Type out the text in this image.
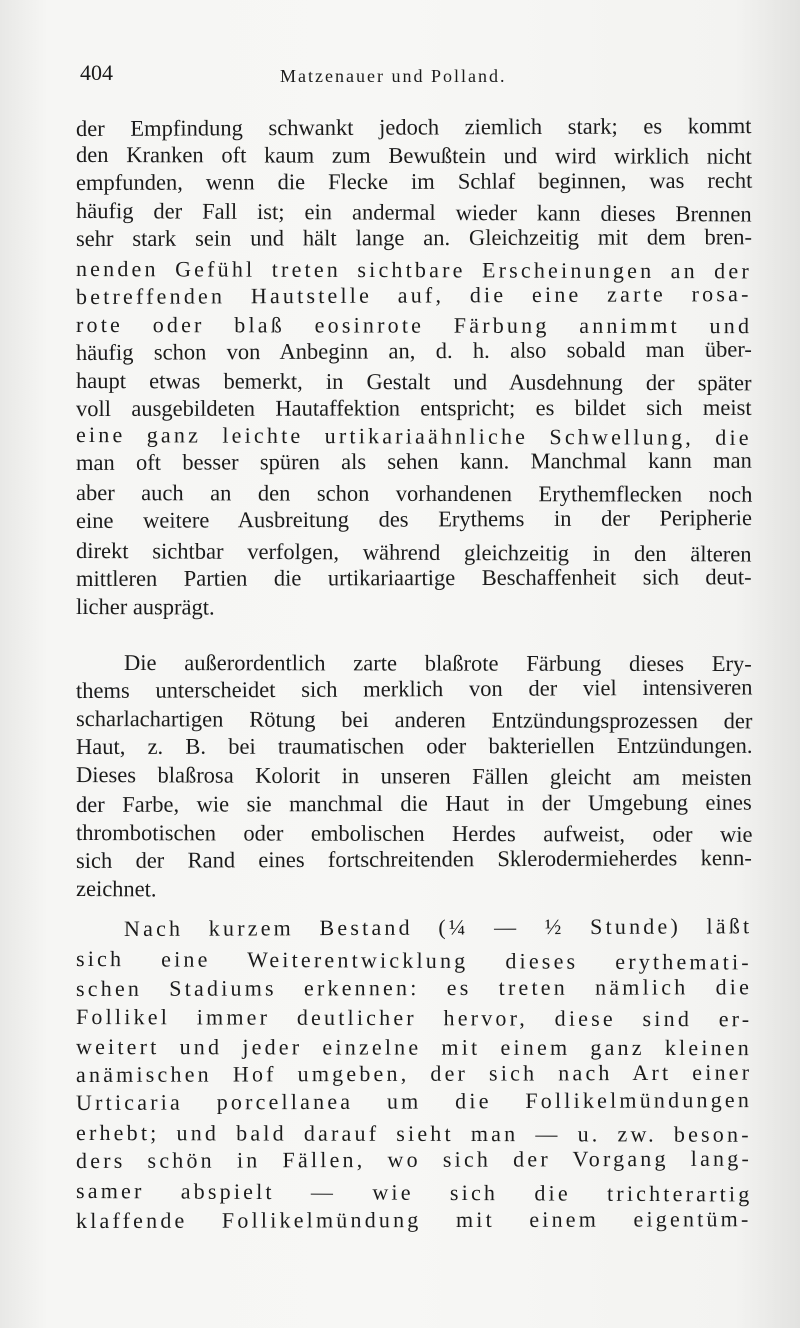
404	Matzenauer und Polland.
der Empfindung schwankt jedoch ziemlich stark; es kommt
den Kranken oft kaum zum Bewußtein und wird wirklich nicht
empfunden, wenn die Flecke im Schlaf beginnen, was recht
häufig der Fall ist; ein andermal wieder kann dieses Brennen
sehr stark sein und hält lange an. Gleichzeitig mit dem bren-
nenden Gefühl treten sichtbare Erscheinungen an der
betreffenden Hautstelle auf, die eine zarte rosa-
rote oder blaß eosinrote Färbung annimmt und
häufig schon von Anbeginn an, d. h. also sobald man über-
haupt etwas bemerkt, in Gestalt und Ausdehnung der später
voll ausgebildeten Hautaffektion entspricht; es bildet sich meist
eine ganz leichte urtikariaähnliche Schwellung, die
man oft besser spüren als sehen kann. Manchmal kann man
aber auch an den schon vorhandenen Erythemflecken noch
eine weitere Ausbreitung des Erythems in der Peripherie
direkt sichtbar verfolgen, während gleichzeitig in den älteren
mittleren Partien die urtikariaartige Beschaffenheit sich deut-
licher ausprägt.
Die außerordentlich zarte blaßrote Färbung dieses Ery-
thems unterscheidet sich merklich von der viel intensiveren
scharlachartigen Rötung bei anderen Entzündungsprozessen der
Haut, z. B. bei traumatischen oder bakteriellen Entzündungen.
Dieses blaßrosa Kolorit in unseren Fällen gleicht am meisten
der Farbe, wie sie manchmal die Haut in der Umgebung eines
thrombotischen oder embolischen Herdes aufweist, oder wie
sich der Rand eines fortschreitenden Sklerodermieherdes kenn-
zeichnet.
Nach kurzem Bestand (¼ — ½ Stunde) läßt
sich eine Weiterentwicklung dieses erythemati-
schen Stadiums erkennen: es treten nämlich die
Follikel immer deutlicher hervor, diese sind er-
weitert und jeder einzelne mit einem ganz kleinen
anämischen Hof umgeben, der sich nach Art einer
Urticaria porcellanea um die Follikelmündungen
erhebt; und bald darauf sieht man — u. zw. beson-
ders schön in Fällen, wo sich der Vorgang lang-
samer abspielt — wie sich die trichterartig
klaffende Follikelmündung mit einem eigentüm-
